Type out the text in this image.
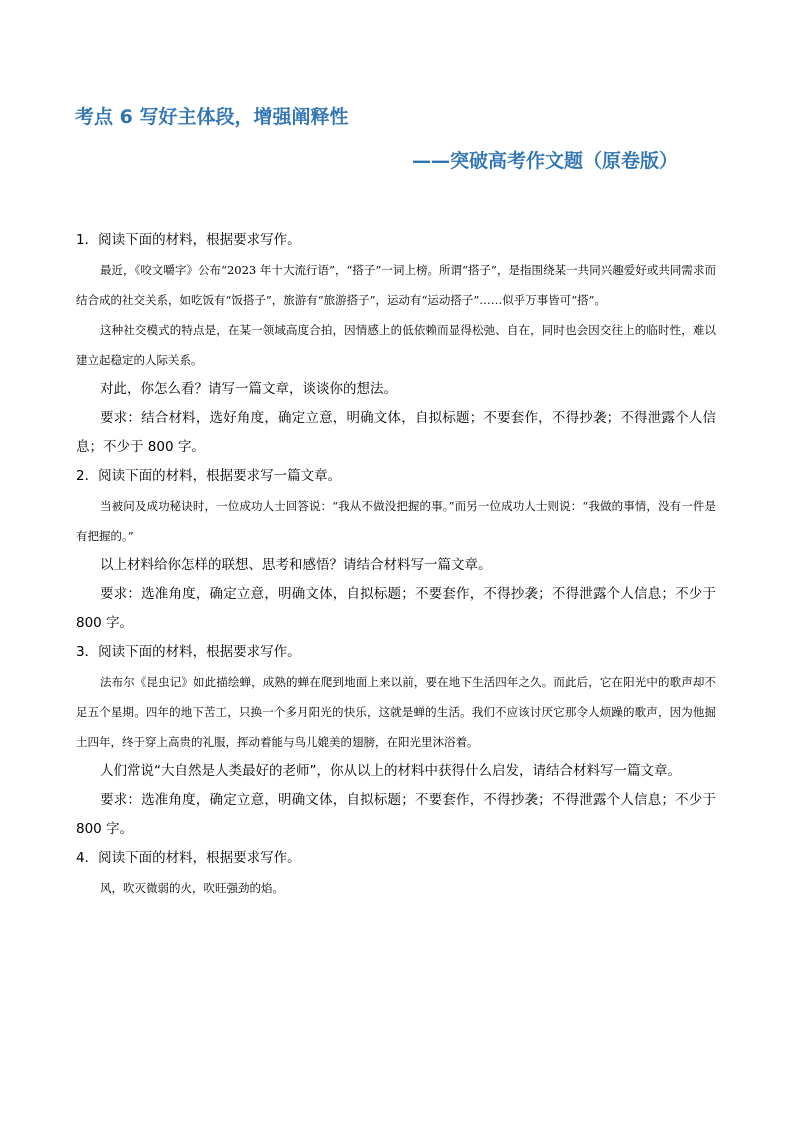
考点 6 写好主体段，增强阐释性
——突破高考作文题（原卷版）

1．阅读下面的材料，根据要求写作。

最近，《咬文嚼字》公布“2023 年十大流行语”，“搭子”一词上榜。所谓“搭子”，是指围绕某一共同兴趣爱好或共同需求而结合成的社交关系，如吃饭有“饭搭子”，旅游有“旅游搭子”，运动有“运动搭子”……似乎万事皆可“搭”。

这种社交模式的特点是，在某一领域高度合拍，因情感上的低依赖而显得松弛、自在，同时也会因交往上的临时性，难以建立起稳定的人际关系。

对此，你怎么看？请写一篇文章，谈谈你的想法。

要求：结合材料，选好角度，确定立意，明确文体，自拟标题；不要套作，不得抄袭；不得泄露个人信息；不少于 800 字。

2．阅读下面的材料，根据要求写一篇文章。

当被问及成功秘诀时，一位成功人士回答说：“我从不做没把握的事。”而另一位成功人士则说：“我做的事情，没有一件是有把握的。”

以上材料给你怎样的联想、思考和感悟？请结合材料写一篇文章。

要求：选准角度，确定立意，明确文体，自拟标题；不要套作，不得抄袭；不得泄露个人信息；不少于 800 字。

3．阅读下面的材料，根据要求写作。

法布尔《昆虫记》如此描绘蝉，成熟的蝉在爬到地面上来以前，要在地下生活四年之久。而此后，它在阳光中的歌声却不足五个星期。四年的地下苦工，只换一个多月阳光的快乐，这就是蝉的生活。我们不应该讨厌它那令人烦躁的歌声，因为他掘土四年，终于穿上高贵的礼服，挥动着能与鸟儿媲美的翅膀，在阳光里沐浴着。

人们常说“大自然是人类最好的老师”，你从以上的材料中获得什么启发，请结合材料写一篇文章。

要求：选准角度，确定立意，明确文体，自拟标题；不要套作，不得抄袭；不得泄露个人信息；不少于 800 字。

4．阅读下面的材料，根据要求写作。

风，吹灭微弱的火，吹旺强劲的焰。
